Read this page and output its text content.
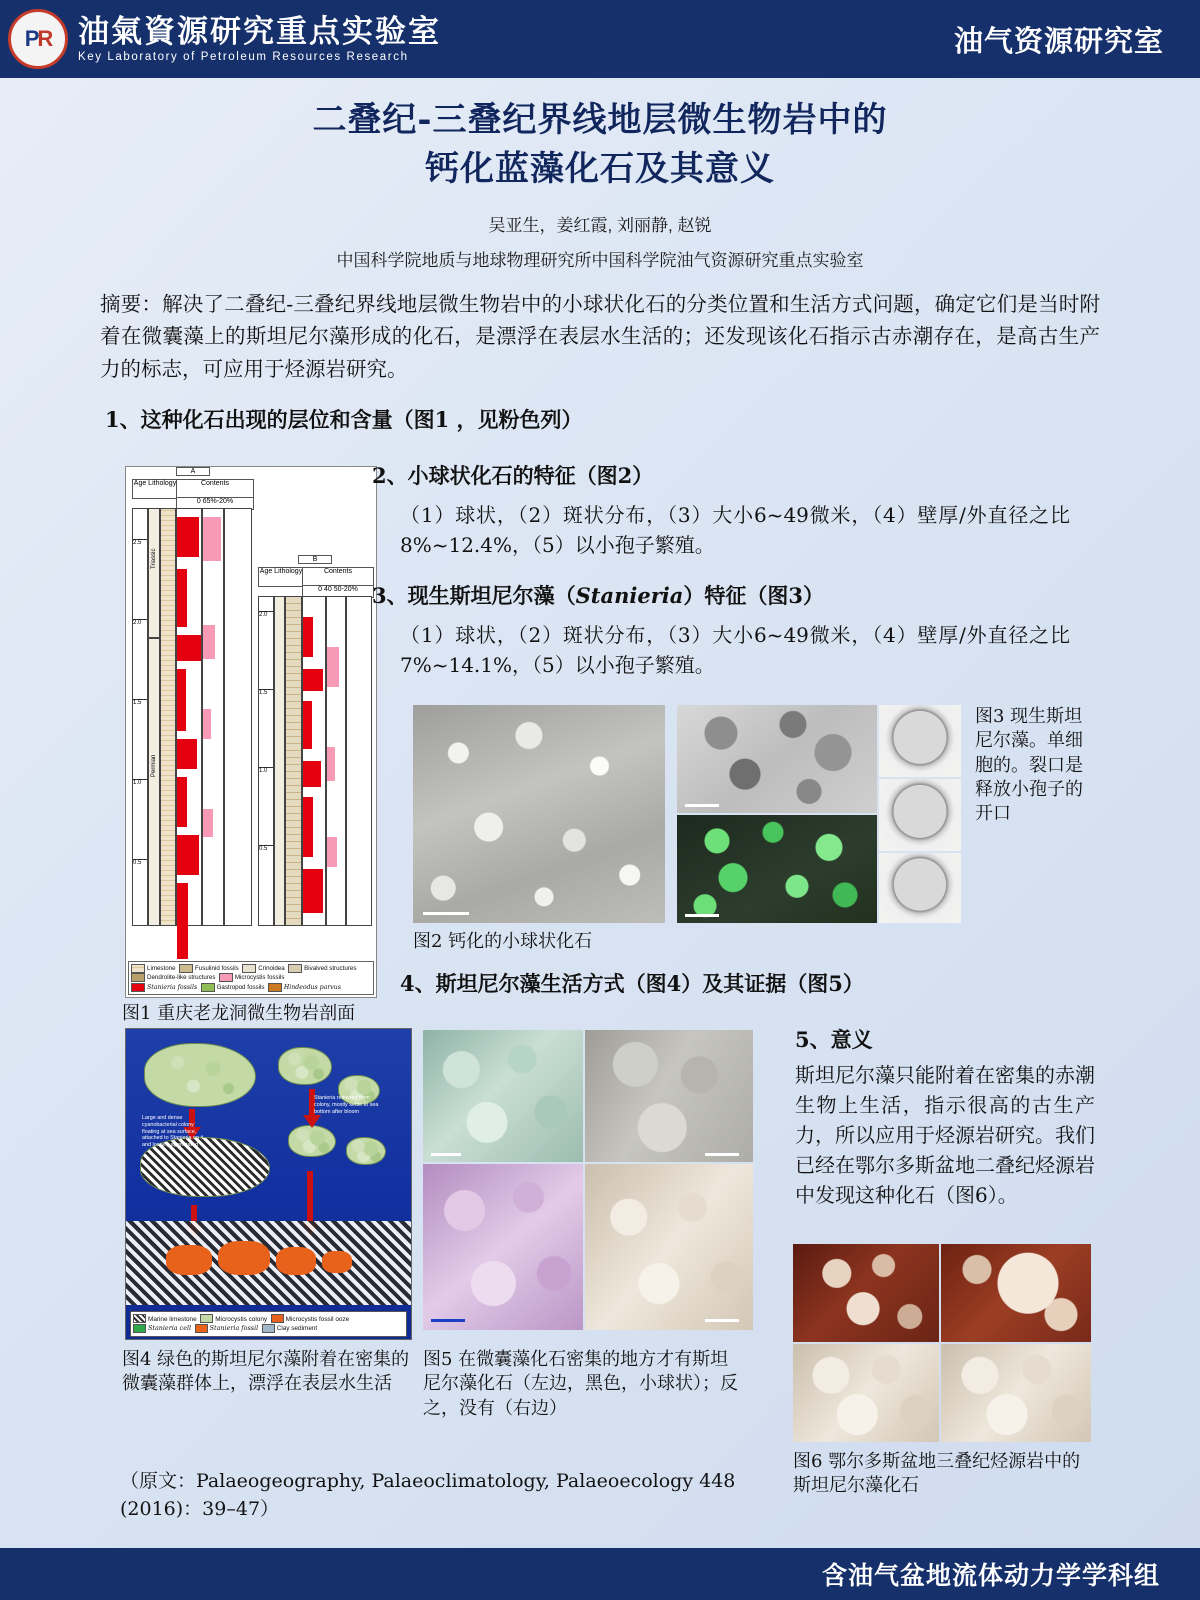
P R 油氣資源研究重点实验室
Key Laboratory of Petroleum Resources Research	油气资源研究室
二叠纪-三叠纪界线地层微生物岩中的
钙化蓝藻化石及其意义
吴亚生，姜红霞, 刘丽静, 赵锐
中国科学院地质与地球物理研究所中国科学院油气资源研究重点实验室
摘要：解决了二叠纪-三叠纪界线地层微生物岩中的小球状化石的分类位置和生活方式问题，确定它们是当时附着在微囊藻上的斯坦尼尔藻形成的化石，是漂浮在表层水生活的；还发现该化石指示古赤潮存在，是高古生产力的标志，可应用于烃源岩研究。
1、这种化石出现的层位和含量（图1 ，见粉色列）
A
Age Lithology	Contents
0 65%-20%
2.5
2.0
1.5
1.0
0.5
Triassic
Permian
B
Age Lithology	Contents
0 40 50-20%
2.0
1.5
1.0
0.5
Limestone	Fusulinid fossils	Crinoidea	Bivalved structures
Dendrolite-like structures	Microcystis fossils
Stanieria fossils	Gastropod fossils	Hindeodus parvus
图1 重庆老龙洞微生物岩剖面
2、小球状化石的特征（图2）
（1）球状，（2）斑状分布，（3）大小6~49微米，（4）壁厚/外直径之比8%~12.4%，（5）以小孢子繁殖。
3、现生斯坦尼尔藻（Stanieria）特征（图3）
（1）球状，（2）斑状分布，（3）大小6~49微米，（4）壁厚/外直径之比7%~14.1%，（5）以小孢子繁殖。
图3 现生斯坦尼尔藻。单细胞的。裂口是释放小孢子的开口
图2 钙化的小球状化石
4、斯坦尼尔藻生活方式（图4）及其证据（图5）
Large and dense cyanobacterial colony floating at sea surface, attached to Stanieria on it and loosely aggregated
Stanieria released from colony, mostly settle to sea bottom after bloom
Marine limestone	Microcystis colony	Microcystis fossil ooze
Stanieria cell	Stanieria fossil	Clay sediment
图4 绿色的斯坦尼尔藻附着在密集的微囊藻群体上，漂浮在表层水生活
图5 在微囊藻化石密集的地方才有斯坦尼尔藻化石（左边，黑色，小球状）；反之，没有（右边）
5、意义
斯坦尼尔藻只能附着在密集的赤潮生物上生活，指示很高的古生产力，所以应用于烃源岩研究。我们已经在鄂尔多斯盆地二叠纪烃源岩中发现这种化石（图6）。
图6 鄂尔多斯盆地三叠纪烃源岩中的斯坦尼尔藻化石
（原文：Palaeogeography, Palaeoclimatology, Palaeoecology 448 (2016)：39–47）
含油气盆地流体动力学学科组
